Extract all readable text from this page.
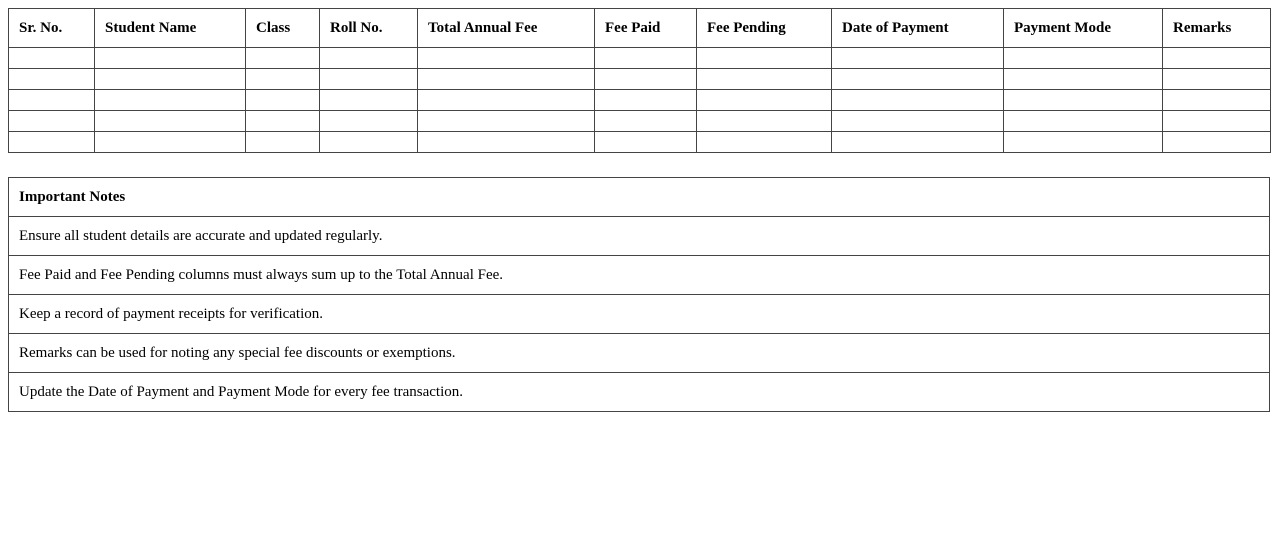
Sr. No.	Student Name	Class	Roll No.	Total Annual Fee	Fee Paid	Fee Pending	Date of Payment	Payment Mode	Remarks

Important Notes
Ensure all student details are accurate and updated regularly.
Fee Paid and Fee Pending columns must always sum up to the Total Annual Fee.
Keep a record of payment receipts for verification.
Remarks can be used for noting any special fee discounts or exemptions.
Update the Date of Payment and Payment Mode for every fee transaction.
